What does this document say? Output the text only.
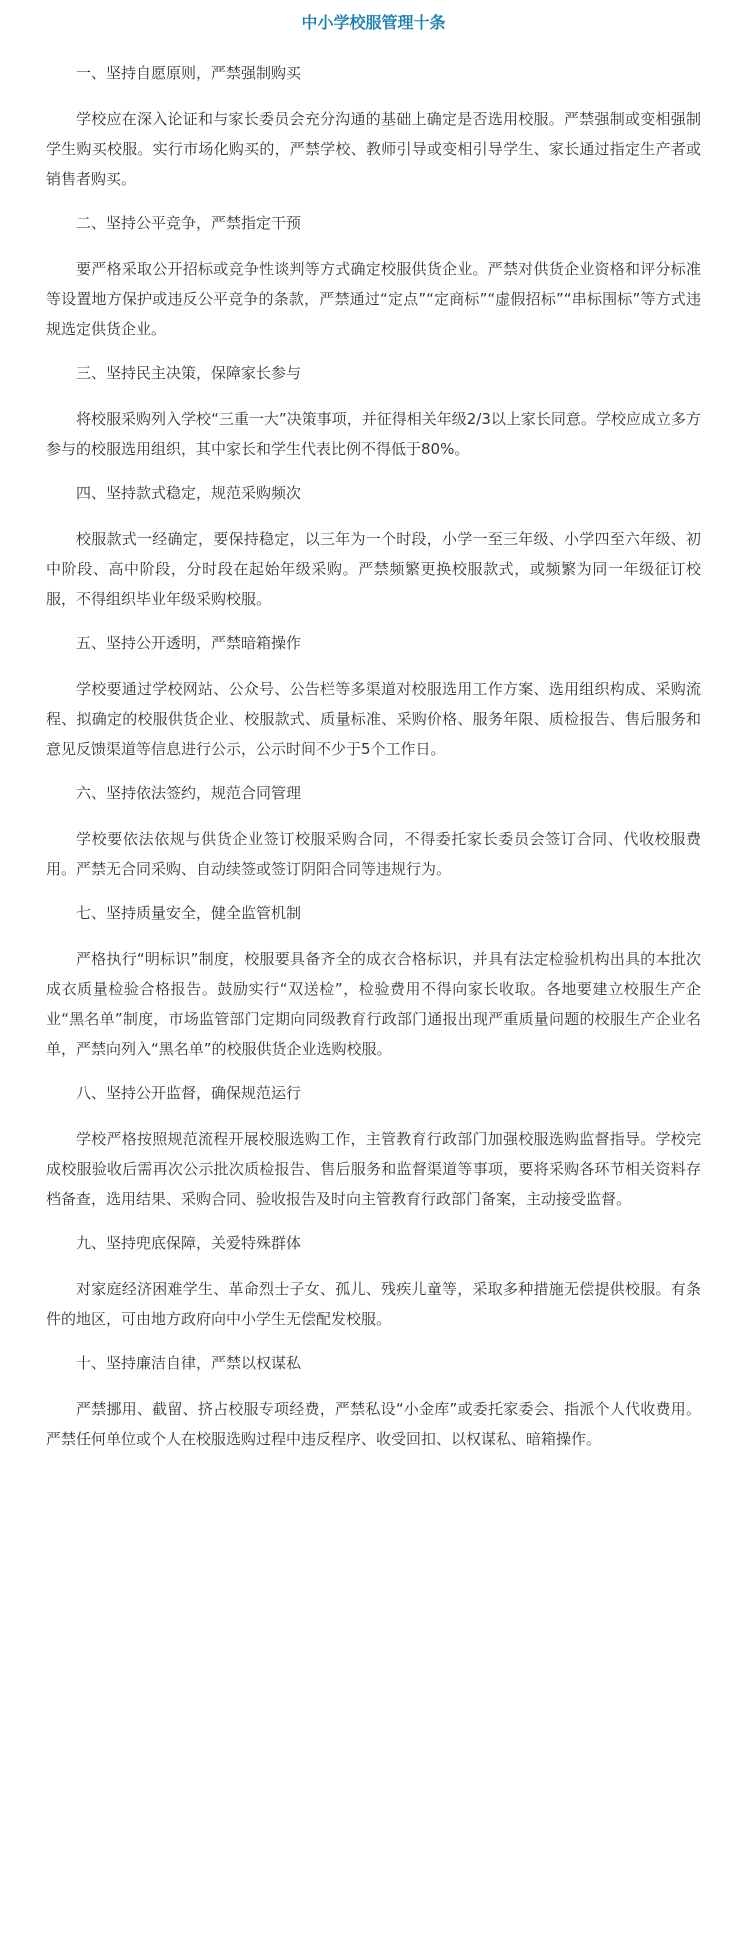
中小学校服管理十条

一、坚持自愿原则，严禁强制购买

学校应在深入论证和与家长委员会充分沟通的基础上确定是否选用校服。严禁强制或变相强制学生购买校服。实行市场化购买的，严禁学校、教师引导或变相引导学生、家长通过指定生产者或销售者购买。

二、坚持公平竞争，严禁指定干预

要严格采取公开招标或竞争性谈判等方式确定校服供货企业。严禁对供货企业资格和评分标准等设置地方保护或违反公平竞争的条款，严禁通过“定点”“定商标”“虚假招标”“串标围标”等方式违规选定供货企业。

三、坚持民主决策，保障家长参与

将校服采购列入学校“三重一大”决策事项，并征得相关年级2/3以上家长同意。学校应成立多方参与的校服选用组织，其中家长和学生代表比例不得低于80%。

四、坚持款式稳定，规范采购频次

校服款式一经确定，要保持稳定，以三年为一个时段，小学一至三年级、小学四至六年级、初中阶段、高中阶段，分时段在起始年级采购。严禁频繁更换校服款式，或频繁为同一年级征订校服，不得组织毕业年级采购校服。

五、坚持公开透明，严禁暗箱操作

学校要通过学校网站、公众号、公告栏等多渠道对校服选用工作方案、选用组织构成、采购流程、拟确定的校服供货企业、校服款式、质量标准、采购价格、服务年限、质检报告、售后服务和意见反馈渠道等信息进行公示，公示时间不少于5个工作日。

六、坚持依法签约，规范合同管理

学校要依法依规与供货企业签订校服采购合同，不得委托家长委员会签订合同、代收校服费用。严禁无合同采购、自动续签或签订阴阳合同等违规行为。

七、坚持质量安全，健全监管机制

严格执行“明标识”制度，校服要具备齐全的成衣合格标识，并具有法定检验机构出具的本批次成衣质量检验合格报告。鼓励实行“双送检”，检验费用不得向家长收取。各地要建立校服生产企业“黑名单”制度，市场监管部门定期向同级教育行政部门通报出现严重质量问题的校服生产企业名单，严禁向列入“黑名单”的校服供货企业选购校服。

八、坚持公开监督，确保规范运行

学校严格按照规范流程开展校服选购工作，主管教育行政部门加强校服选购监督指导。学校完成校服验收后需再次公示批次质检报告、售后服务和监督渠道等事项，要将采购各环节相关资料存档备查，选用结果、采购合同、验收报告及时向主管教育行政部门备案，主动接受监督。

九、坚持兜底保障，关爱特殊群体

对家庭经济困难学生、革命烈士子女、孤儿、残疾儿童等，采取多种措施无偿提供校服。有条件的地区，可由地方政府向中小学生无偿配发校服。

十、坚持廉洁自律，严禁以权谋私

严禁挪用、截留、挤占校服专项经费，严禁私设“小金库”或委托家委会、指派个人代收费用。严禁任何单位或个人在校服选购过程中违反程序、收受回扣、以权谋私、暗箱操作。
